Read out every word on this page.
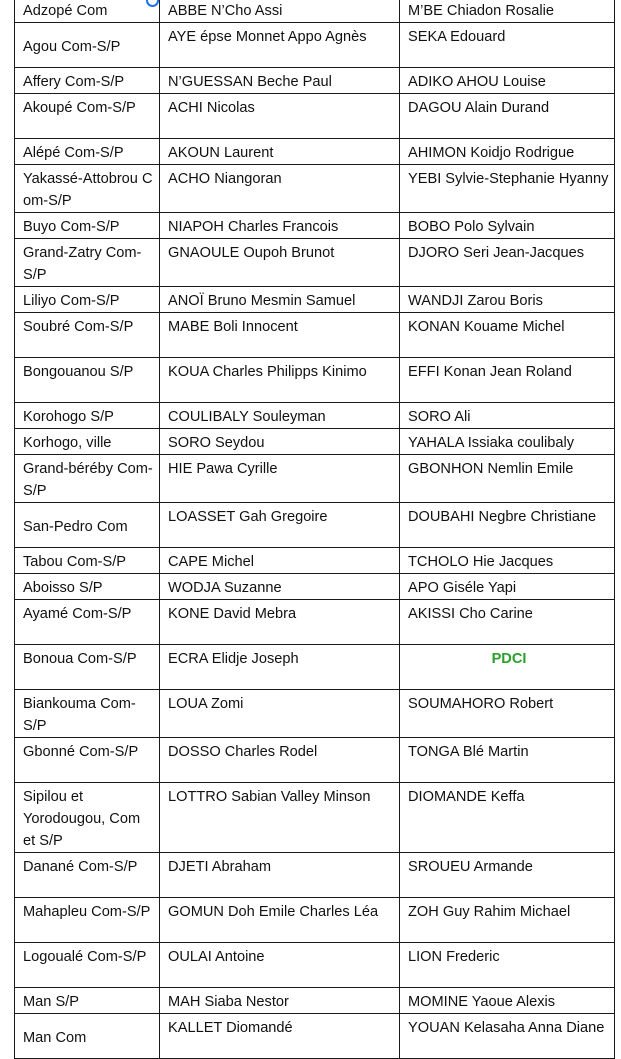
Adzopé Com	ABBE N’Cho Assi	M’BE Chiadon Rosalie
Agou Com-S/P	AYE épse Monnet Appo Agnès	SEKA Edouard
Affery Com-S/P	N’GUESSAN Beche Paul	ADIKO AHOU Louise
Akoupé Com-S/P	ACHI Nicolas	DAGOU Alain Durand
Alépé Com-S/P	AKOUN Laurent	AHIMON Koidjo Rodrigue
Yakassé-Attobrou Com-S/P	ACHO Niangoran	YEBI Sylvie-Stephanie Hyanny
Buyo Com-S/P	NIAPOH Charles Francois	BOBO Polo Sylvain
Grand-Zatry Com-S/P	GNAOULE Oupoh Brunot	DJORO Seri Jean-Jacques
Liliyo Com-S/P	ANOÏ Bruno Mesmin Samuel	WANDJI Zarou Boris
Soubré Com-S/P	MABE Boli Innocent	KONAN Kouame Michel
Bongouanou S/P	KOUA Charles Philipps Kinimo	EFFI Konan Jean Roland
Korohogo S/P	COULIBALY Souleyman	SORO Ali
Korhogo, ville	SORO Seydou	YAHALA Issiaka coulibaly
Grand-béréby Com-S/P	HIE Pawa Cyrille	GBONHON Nemlin Emile
San-Pedro Com	LOASSET Gah Gregoire	DOUBAHI Negbre Christiane
Tabou Com-S/P	CAPE Michel	TCHOLO Hie Jacques
Aboisso S/P	WODJA Suzanne	APO Giséle Yapi
Ayamé Com-S/P	KONE David Mebra	AKISSI Cho Carine
Bonoua Com-S/P	ECRA Elidje Joseph	PDCI
Biankouma Com-S/P	LOUA Zomi	SOUMAHORO Robert
Gbonné Com-S/P	DOSSO Charles Rodel	TONGA Blé Martin
Sipilou et Yorodougou, Com et S/P	LOTTRO Sabian Valley Minson	DIOMANDE Keffa
Danané Com-S/P	DJETI Abraham	SROUEU Armande
Mahapleu Com-S/P	GOMUN Doh Emile Charles Léa	ZOH Guy Rahim Michael
Logoualé Com-S/P	OULAI Antoine	LION Frederic
Man S/P	MAH Siaba Nestor	MOMINE Yaoue Alexis
Man Com	KALLET Diomandé	YOUAN Kelasaha Anna Diane
